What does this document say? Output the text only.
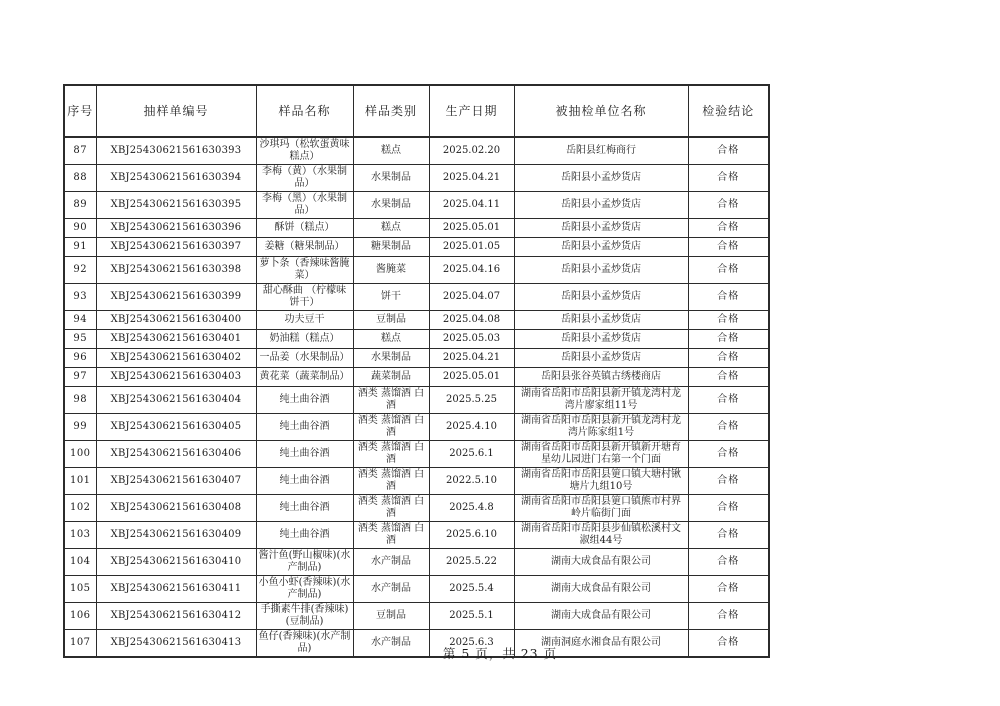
序号	抽样单编号	样品名称	样品类别	生产日期	被抽检单位名称	检验结论
87	XBJ25430621561630393	沙琪玛（松软蛋黄味糕点）	糕点	2025.02.20	岳阳县红梅商行	合格
88	XBJ25430621561630394	李梅（黄）（水果制品）	水果制品	2025.04.21	岳阳县小孟炒货店	合格
89	XBJ25430621561630395	李梅（黑）（水果制品）	水果制品	2025.04.11	岳阳县小孟炒货店	合格
90	XBJ25430621561630396	酥饼（糕点）	糕点	2025.05.01	岳阳县小孟炒货店	合格
91	XBJ25430621561630397	姜糖（糖果制品）	糖果制品	2025.01.05	岳阳县小孟炒货店	合格
92	XBJ25430621561630398	萝卜条（香辣味酱腌菜）	酱腌菜	2025.04.16	岳阳县小孟炒货店	合格
93	XBJ25430621561630399	甜心酥曲 （柠檬味饼干）	饼干	2025.04.07	岳阳县小孟炒货店	合格
94	XBJ25430621561630400	功夫豆干	豆制品	2025.04.08	岳阳县小孟炒货店	合格
95	XBJ25430621561630401	奶油糕（糕点）	糕点	2025.05.03	岳阳县小孟炒货店	合格
96	XBJ25430621561630402	一品姜（水果制品）	水果制品	2025.04.21	岳阳县小孟炒货店	合格
97	XBJ25430621561630403	黄花菜（蔬菜制品）	蔬菜制品	2025.05.01	岳阳县张谷英镇古绣楼商店	合格
98	XBJ25430621561630404	纯土曲谷酒	酒类 蒸馏酒 白酒	2025.5.25	湖南省岳阳市岳阳县新开镇龙湾村龙湾片廖家组11号	合格
99	XBJ25430621561630405	纯土曲谷酒	酒类 蒸馏酒 白酒	2025.4.10	湖南省岳阳市岳阳县新开镇龙湾村龙湾片陈家组1号	合格
100	XBJ25430621561630406	纯土曲谷酒	酒类 蒸馏酒 白酒	2025.6.1	湖南省岳阳市岳阳县新开镇新开塘育星幼儿园进门右第一个门面	合格
101	XBJ25430621561630407	纯土曲谷酒	酒类 蒸馏酒 白酒	2022.5.10	湖南省岳阳市岳阳县筻口镇大塘村锹塘片九组10号	合格
102	XBJ25430621561630408	纯土曲谷酒	酒类 蒸馏酒 白酒	2025.4.8	湖南省岳阳市岳阳县筻口镇熊市村界岭片临街门面	合格
103	XBJ25430621561630409	纯土曲谷酒	酒类 蒸馏酒 白酒	2025.6.10	湖南省岳阳市岳阳县步仙镇松溪村文淑组44号	合格
104	XBJ25430621561630410	酱汁鱼(野山椒味)(水产制品)	水产制品	2025.5.22	湖南大成食品有限公司	合格
105	XBJ25430621561630411	小鱼小虾(香辣味)(水产制品)	水产制品	2025.5.4	湖南大成食品有限公司	合格
106	XBJ25430621561630412	手撕素牛排(香辣味)(豆制品)	豆制品	2025.5.1	湖南大成食品有限公司	合格
107	XBJ25430621561630413	鱼仔(香辣味)(水产制品)	水产制品	2025.6.3	湖南洞庭水湘食品有限公司	合格
第 5 页，共 23 页
